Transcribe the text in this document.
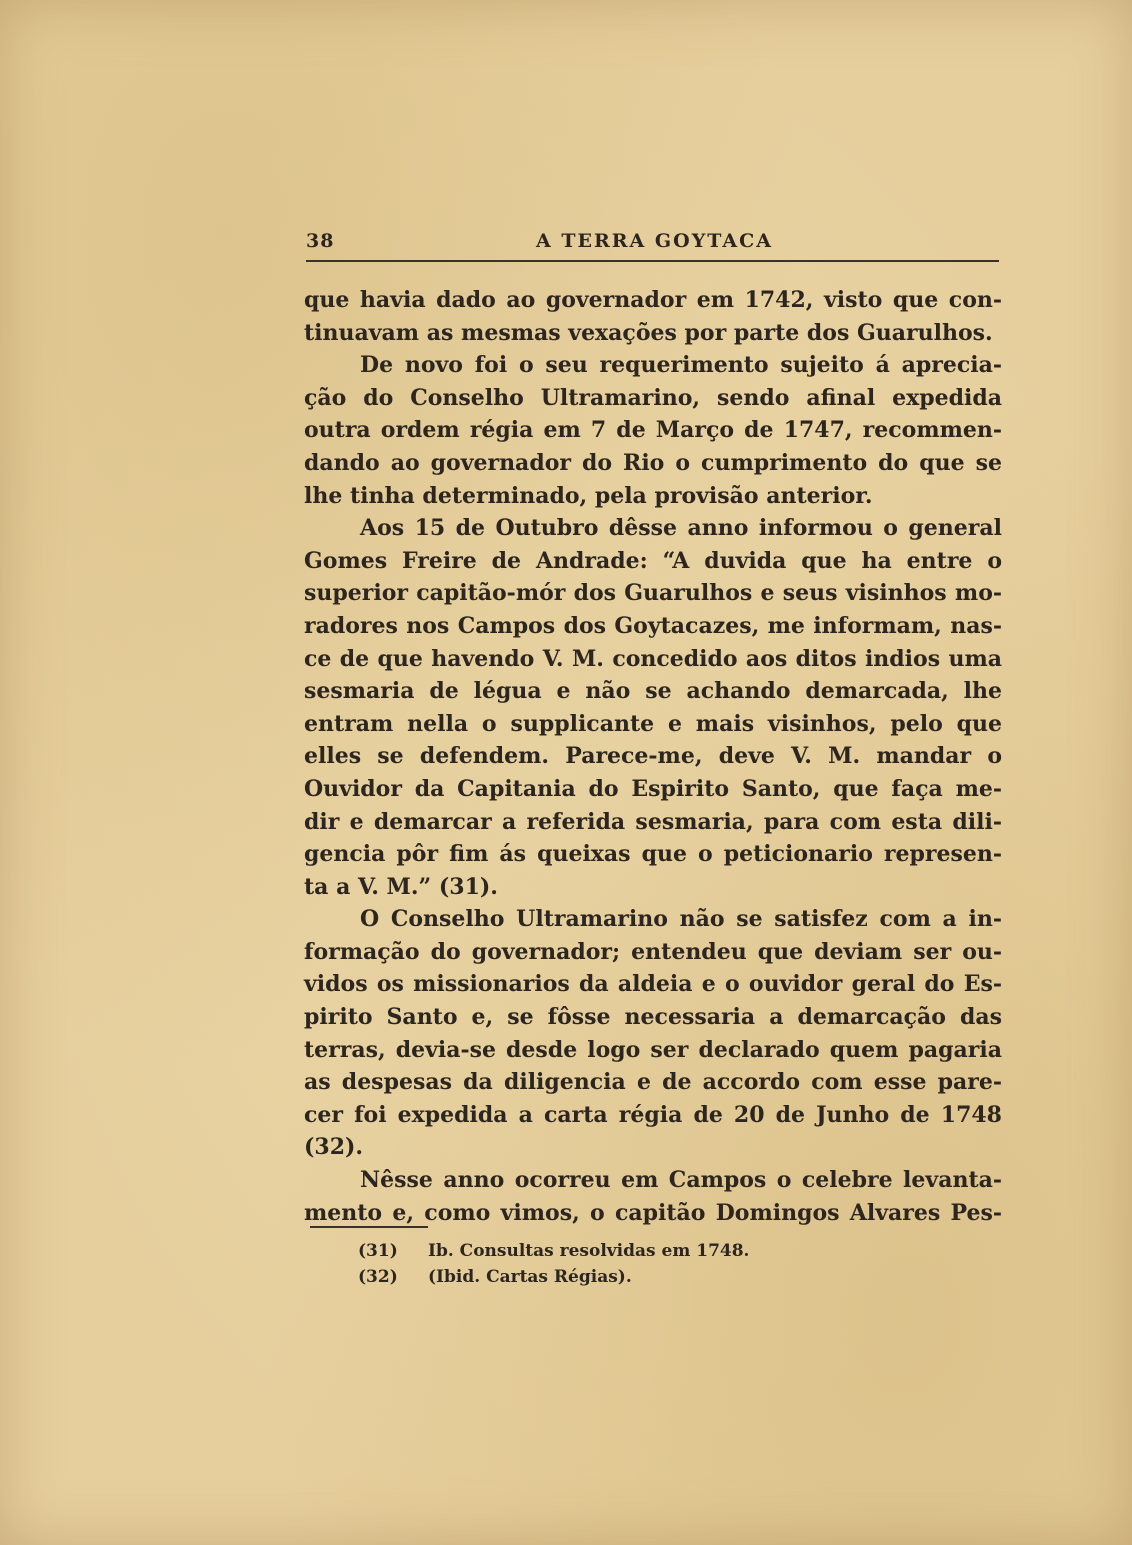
38	A TERRA GOYTACA
que havia dado ao governador em 1742, visto que con-
tinuavam as mesmas vexações por parte dos Guarulhos.
De novo foi o seu requerimento sujeito á aprecia-
ção do Conselho Ultramarino, sendo afinal expedida
outra ordem régia em 7 de Março de 1747, recommen-
dando ao governador do Rio o cumprimento do que se
lhe tinha determinado, pela provisão anterior.
Aos 15 de Outubro dêsse anno informou o general
Gomes Freire de Andrade: “A duvida que ha entre o
superior capitão-mór dos Guarulhos e seus visinhos mo-
radores nos Campos dos Goytacazes, me informam, nas-
ce de que havendo V. M. concedido aos ditos indios uma
sesmaria de légua e não se achando demarcada, lhe
entram nella o supplicante e mais visinhos, pelo que
elles se defendem. Parece-me, deve V. M. mandar o
Ouvidor da Capitania do Espirito Santo, que faça me-
dir e demarcar a referida sesmaria, para com esta dili-
gencia pôr fim ás queixas que o peticionario represen-
ta a V. M.” (31).
O Conselho Ultramarino não se satisfez com a in-
formação do governador; entendeu que deviam ser ou-
vidos os missionarios da aldeia e o ouvidor geral do Es-
pirito Santo e, se fôsse necessaria a demarcação das
terras, devia-se desde logo ser declarado quem pagaria
as despesas da diligencia e de accordo com esse pare-
cer foi expedida a carta régia de 20 de Junho de 1748
(32).
Nêsse anno ocorreu em Campos o celebre levanta-
mento e, como vimos, o capitão Domingos Alvares Pes-
(31) Ib. Consultas resolvidas em 1748.
(32) (Ibid. Cartas Régias).
